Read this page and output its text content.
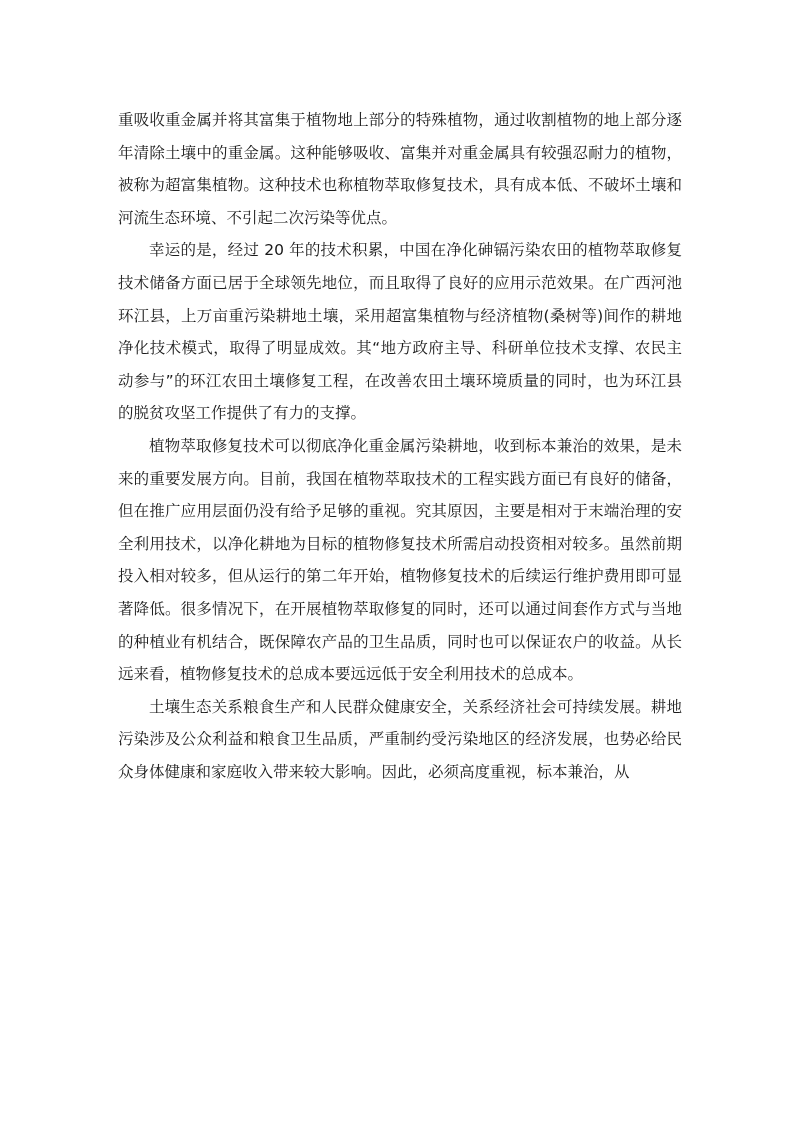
重吸收重金属并将其富集于植物地上部分的特殊植物，通过收割植物的地上部分逐年清除土壤中的重金属。这种能够吸收、富集并对重金属具有较强忍耐力的植物，被称为超富集植物。这种技术也称植物萃取修复技术，具有成本低、不破坏土壤和河流生态环境、不引起二次污染等优点。

幸运的是，经过 20 年的技术积累，中国在净化砷镉污染农田的植物萃取修复技术储备方面已居于全球领先地位，而且取得了良好的应用示范效果。在广西河池环江县，上万亩重污染耕地土壤，采用超富集植物与经济植物(桑树等)间作的耕地净化技术模式，取得了明显成效。其“地方政府主导、科研单位技术支撑、农民主动参与”的环江农田土壤修复工程，在改善农田土壤环境质量的同时，也为环江县的脱贫攻坚工作提供了有力的支撑。

植物萃取修复技术可以彻底净化重金属污染耕地，收到标本兼治的效果，是未来的重要发展方向。目前，我国在植物萃取技术的工程实践方面已有良好的储备，但在推广应用层面仍没有给予足够的重视。究其原因，主要是相对于末端治理的安全利用技术，以净化耕地为目标的植物修复技术所需启动投资相对较多。虽然前期投入相对较多，但从运行的第二年开始，植物修复技术的后续运行维护费用即可显著降低。很多情况下，在开展植物萃取修复的同时，还可以通过间套作方式与当地的种植业有机结合，既保障农产品的卫生品质，同时也可以保证农户的收益。从长远来看，植物修复技术的总成本要远远低于安全利用技术的总成本。

土壤生态关系粮食生产和人民群众健康安全，关系经济社会可持续发展。耕地污染涉及公众利益和粮食卫生品质，严重制约受污染地区的经济发展，也势必给民众身体健康和家庭收入带来较大影响。因此，必须高度重视，标本兼治，从
